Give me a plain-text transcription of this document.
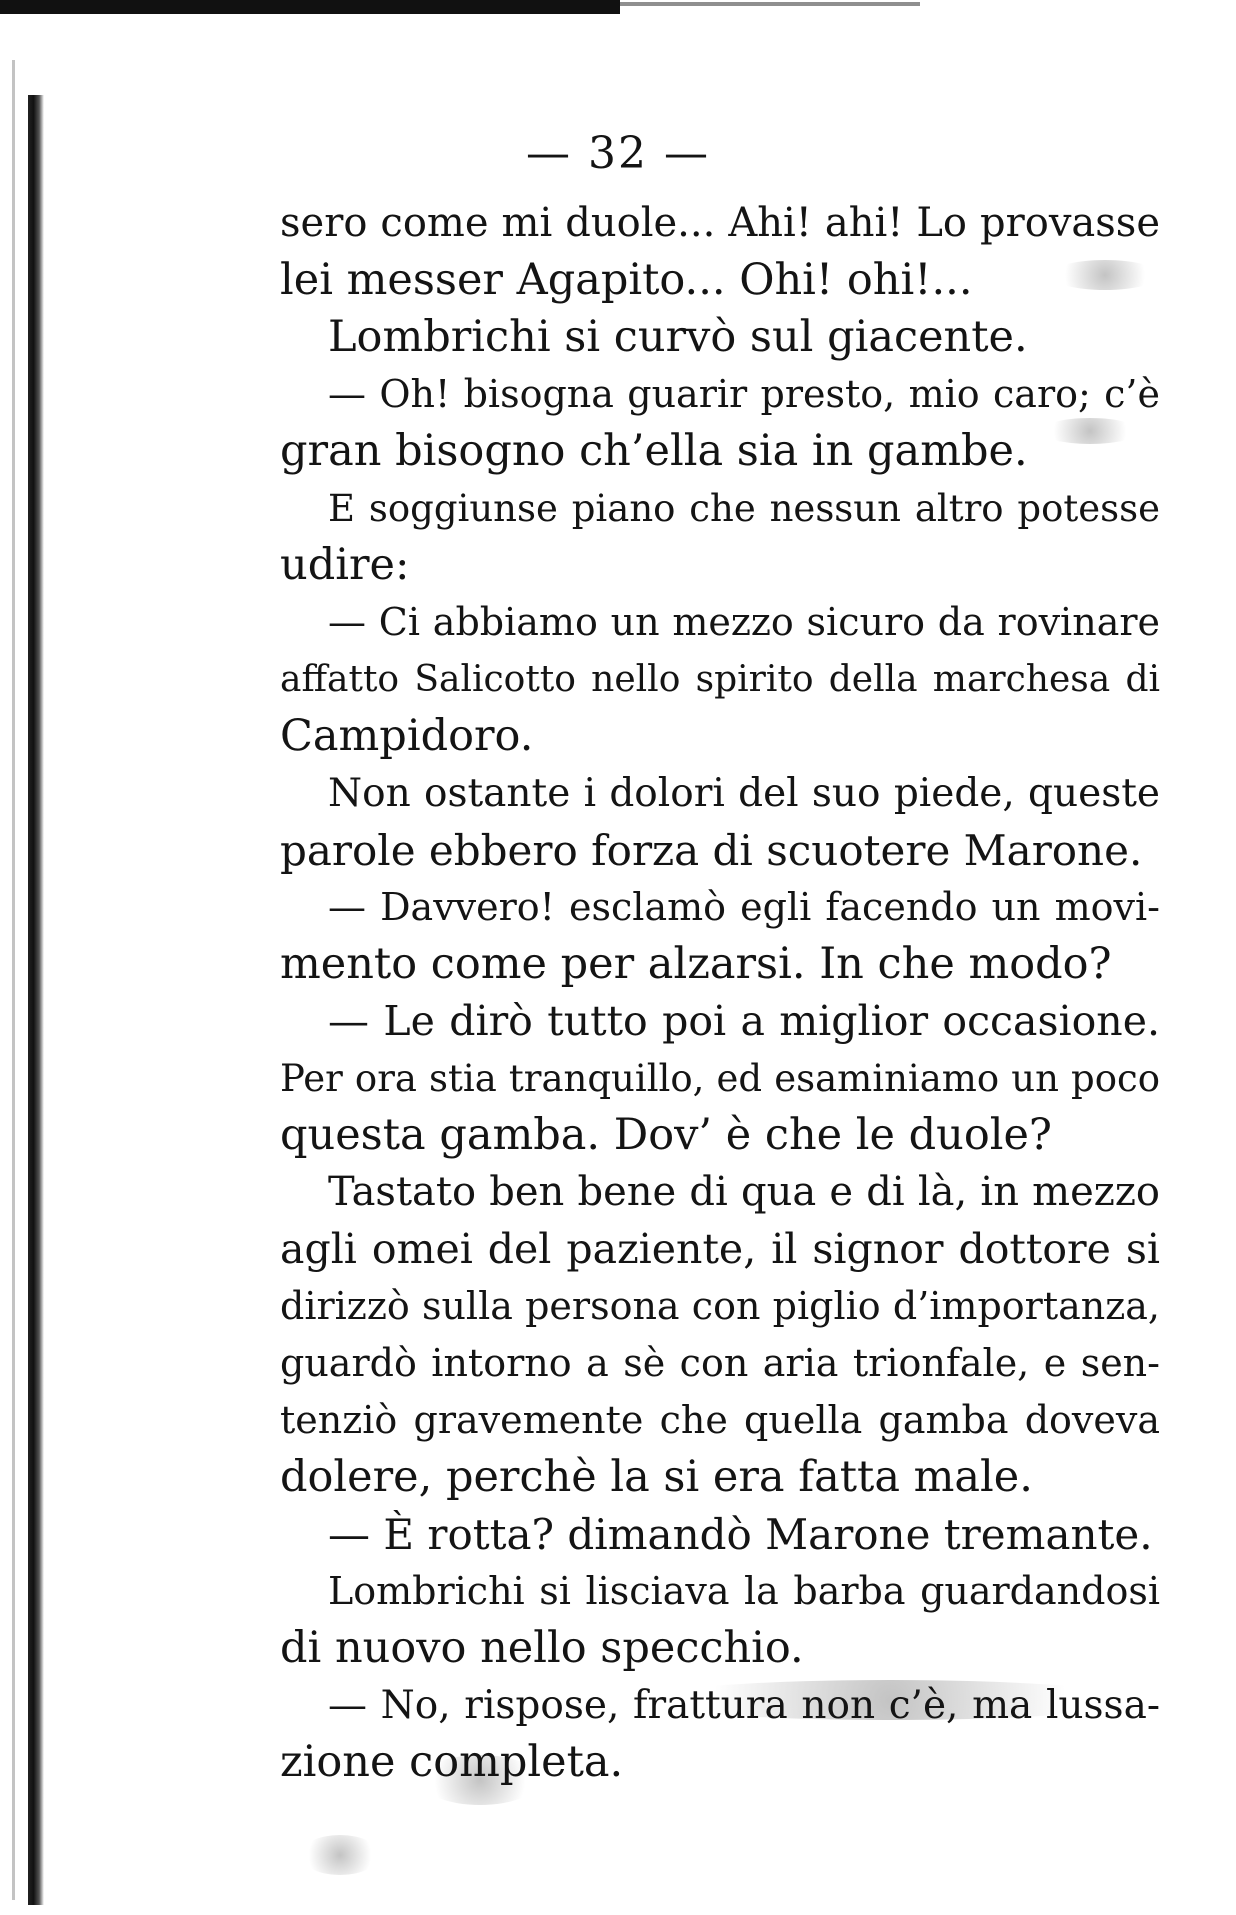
— 32 —
sero come mi duole... Ahi! ahi! Lo provasse
lei messer Agapito... Ohi! ohi!...
Lombrichi si curvò sul giacente.
— Oh! bisogna guarir presto, mio caro; c’è
gran bisogno ch’ella sia in gambe.
E soggiunse piano che nessun altro potesse
udire:
— Ci abbiamo un mezzo sicuro da rovinare
affatto Salicotto nello spirito della marchesa di
Campidoro.
Non ostante i dolori del suo piede, queste
parole ebbero forza di scuotere Marone.
— Davvero! esclamò egli facendo un movi-
mento come per alzarsi. In che modo?
— Le dirò tutto poi a miglior occasione.
Per ora stia tranquillo, ed esaminiamo un poco
questa gamba. Dov’ è che le duole?
Tastato ben bene di qua e di là, in mezzo
agli omei del paziente, il signor dottore si
dirizzò sulla persona con piglio d’importanza,
guardò intorno a sè con aria trionfale, e sen-
tenziò gravemente che quella gamba doveva
dolere, perchè la si era fatta male.
— È rotta? dimandò Marone tremante.
Lombrichi si lisciava la barba guardandosi
di nuovo nello specchio.
— No, rispose, frattura non c’è, ma lussa-
zione completa.
